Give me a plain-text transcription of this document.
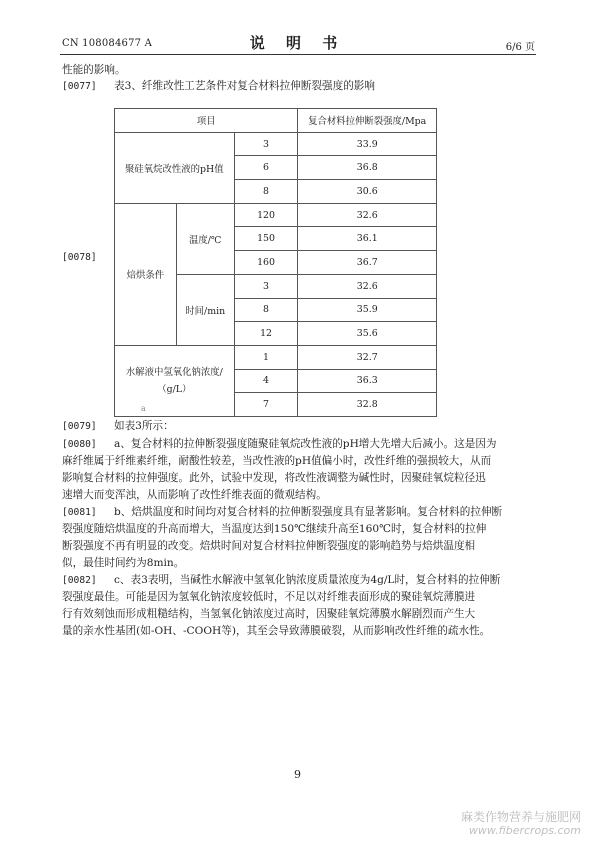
CN 108084677 A	说 明 书	6/6 页
性能的影响。
[0077] 表3、纤维改性工艺条件对复合材料拉伸断裂强度的影响
[0078]
项目			复合材料拉伸断裂强度/Mpa
聚硅氧烷改性液的pH值		3	33.9
		6	36.8
		8	30.6
焙烘条件	温度/℃	120	32.6
		150	36.1
		160	36.7
	时间/min	3	32.6
		8	35.9
		12	35.6
水解液中氢氧化钠浓度/
（g/L）		1	32.7
		4	36.3
		7	32.8
a
[0079] 如表3所示：
[0080] a、复合材料的拉伸断裂强度随聚硅氧烷改性液的pH增大先增大后减小。这是因为
麻纤维属于纤维素纤维，耐酸性较差，当改性液的pH值偏小时，改性纤维的强损较大，从而
影响复合材料的拉伸强度。此外，试验中发现，将改性液调整为碱性时，因聚硅氧烷粒径迅
速增大而变浑浊，从而影响了改性纤维表面的微观结构。
[0081] b、焙烘温度和时间均对复合材料的拉伸断裂强度具有显著影响。复合材料的拉伸断
裂强度随焙烘温度的升高而增大，当温度达到150℃继续升高至160℃时，复合材料的拉伸
断裂强度不再有明显的改变。焙烘时间对复合材料拉伸断裂强度的影响趋势与焙烘温度相
似，最佳时间约为8min。
[0082] c、表3表明，当碱性水解液中氢氧化钠浓度质量浓度为4g/L时，复合材料的拉伸断
裂强度最佳。可能是因为氢氧化钠浓度较低时，不足以对纤维表面形成的聚硅氧烷薄膜进
行有效刻蚀而形成粗糙结构，当氢氧化钠浓度过高时，因聚硅氧烷薄膜水解剧烈而产生大
量的亲水性基团(如-OH、-COOH等)，其至会导致薄膜破裂，从而影响改性纤维的疏水性。
9
麻类作物营养与施肥网
www.fibercrops.com
